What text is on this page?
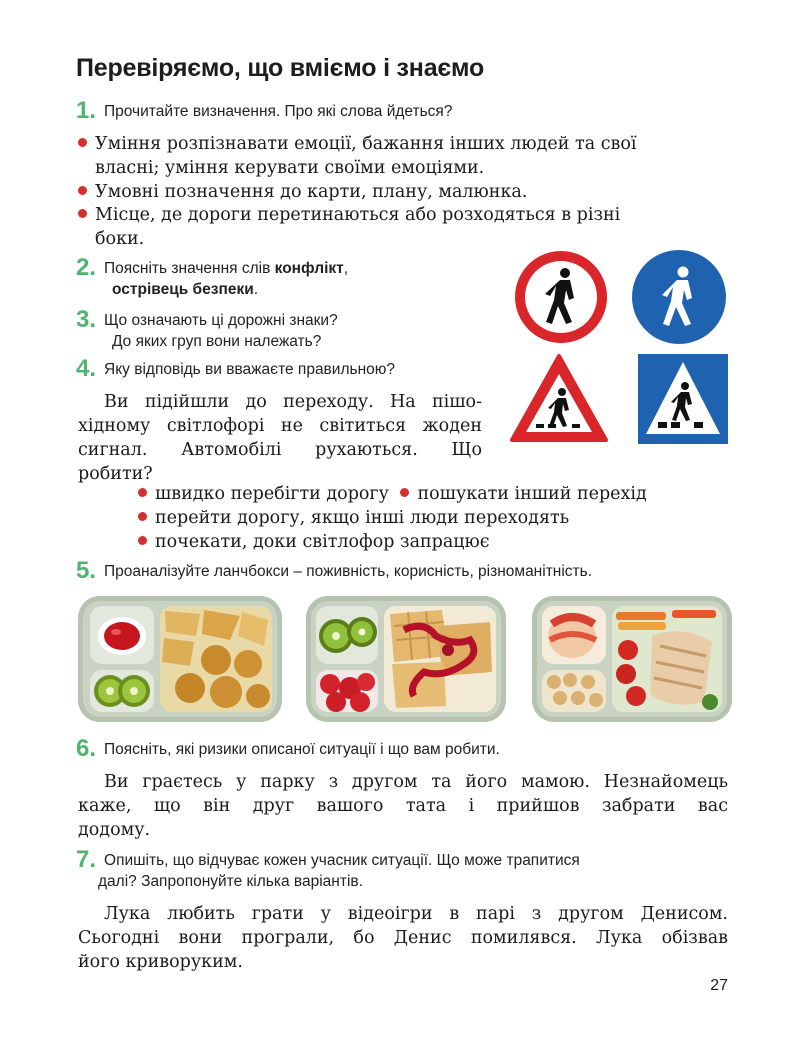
Перевіряємо, що вміємо і знаємо
1. Прочитайте визначення. Про які слова йдеться?
Уміння розпізнавати емоції, бажання інших людей та свої
власні; уміння керувати своїми емоціями.
Умовні позначення до карти, плану, малюнка.
Місце, де дороги перетинаються або розходяться в різні
боки.
2. Поясніть значення слів конфлікт,
острівець безпеки.
3. Що означають ці дорожні знаки?
До яких груп вони належать?
4. Яку відповідь ви вважаєте правильною?
Ви підійшли до переходу. На пішо-
хідному світлофорі не світиться жоден
сигнал. Автомобілі рухаються. Що
робити?
швидко перебігти дорогу пошукати інший перехід
перейти дорогу, якщо інші люди переходять
почекати, доки світлофор запрацює
5. Проаналізуйте ланчбокси – поживність, корисність, різноманітність.
6. Поясніть, які ризики описаної ситуації і що вам робити.
Ви граєтесь у парку з другом та його мамою. Незнайомець
каже, що він друг вашого тата і прийшов забрати вас
додому.
7. Опишіть, що відчуває кожен учасник ситуації. Що може трапитися
далі? Запропонуйте кілька варіантів.
Лука любить грати у відеоігри в парі з другом Денисом.
Сьогодні вони програли, бо Денис помилявся. Лука обізвав
його криворуким.
27
